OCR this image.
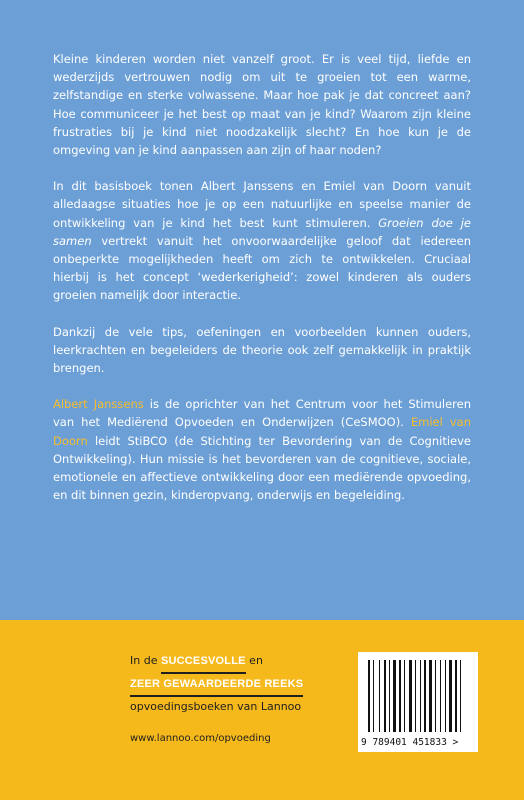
Kleine kinderen worden niet vanzelf groot. Er is veel tijd, liefde en wederzijds vertrouwen nodig om uit te groeien tot een warme, zelfstandige en sterke volwassene. Maar hoe pak je dat concreet aan? Hoe communiceer je het best op maat van je kind? Waarom zijn kleine frustraties bij je kind niet noodzakelijk slecht? En hoe kun je de omgeving van je kind aanpassen aan zijn of haar noden?

In dit basisboek tonen Albert Janssens en Emiel van Doorn vanuit alledaagse situaties hoe je op een natuurlijke en speelse manier de ontwikkeling van je kind het best kunt stimuleren. Groeien doe je samen vertrekt vanuit het onvoorwaardelijke geloof dat iedereen onbeperkte mogelijkheden heeft om zich te ontwikkelen. Cruciaal hierbij is het concept ‘wederkerigheid’: zowel kinderen als ouders groeien namelijk door interactie.

Dankzij de vele tips, oefeningen en voorbeelden kunnen ouders, leerkrachten en begeleiders de theorie ook zelf gemakkelijk in praktijk brengen.

Albert Janssens is de oprichter van het Centrum voor het Stimuleren van het Mediërend Opvoeden en Onderwijzen (CeSMOO). Emiel van Doorn leidt StiBCO (de Stichting ter Bevordering van de Cognitieve Ontwikkeling). Hun missie is het bevorderen van de cognitieve, sociale, emotionele en affectieve ontwikkeling door een mediërende opvoeding, en dit binnen gezin, kinderopvang, onderwijs en begeleiding.

In de SUCCESVOLLE en
ZEER GEWAARDEERDE REEKS
opvoedingsboeken van Lannoo
www.lannoo.com/opvoeding	9 789401 451833 >
